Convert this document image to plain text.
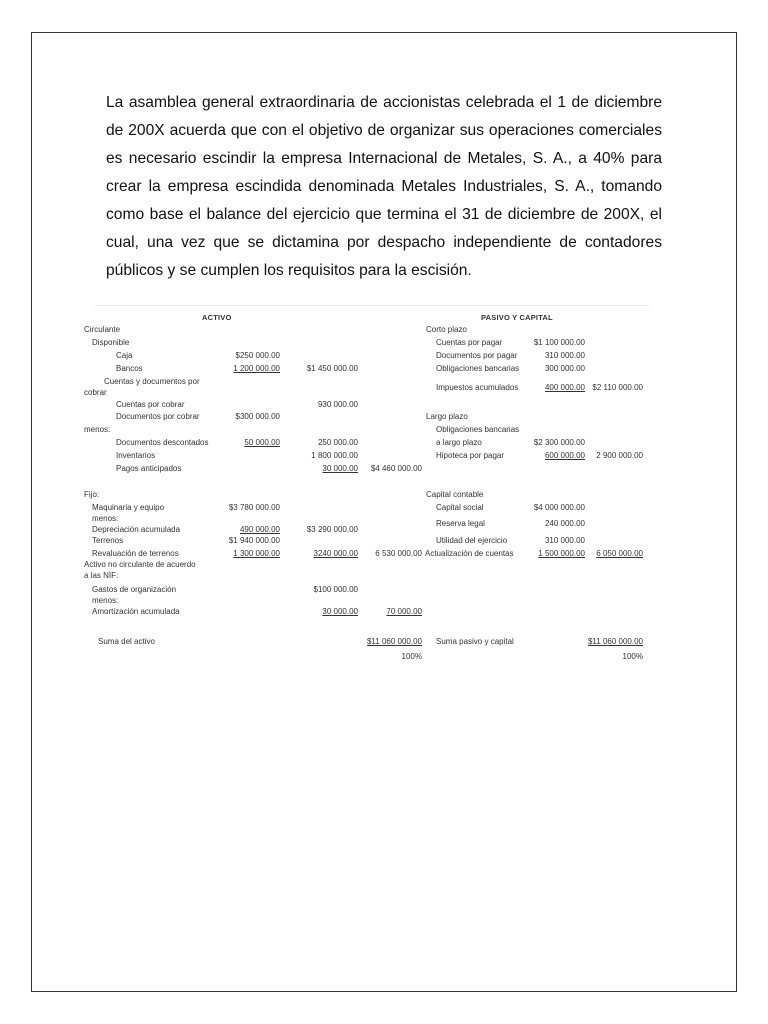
La asamblea general extraordinaria de accionistas celebrada el 1 de diciembre de 200X acuerda que con el objetivo de organizar sus operaciones comerciales es necesario escindir la empresa Internacional de Metales, S. A., a 40% para crear la empresa escindida denominada Metales Industriales, S. A., tomando como base el balance del ejercicio que termina el 31 de diciembre de 200X, el cual, una vez que se dictamina por despacho independiente de contadores públicos y se cumplen los requisitos para la escisión.

ACTIVO
Circulante
Disponible
Caja	$250 000.00
Bancos	1 200 000.00	$1 450 000.00
Cuentas y documentos por
cobrar
Cuentas por cobrar	930 000.00
Documentos por cobrar	$300 000.00
menos:
Documentos descontados	50 000.00	250 000.00
Inventarios	1 800 000.00
Pagos anticipados	30 000.00 $4 460 000.00
Fijo:
Maquinaria y equipo	$3 780 000.00
menos:
Depreciación acumulada	490 000.00	$3 290 000.00
Terrenos	$1 940 000.00
Revaluación de terrenos	1 300 000.00	3240 000.00 6 530 000.00
Activo no circulante de acuerdo
a las NIF:
Gastos de organización	$100 000.00
menos:
Amortización acumulada	30 000.00	70 000.00
Suma del activo	$11 060 000.00
100%
PASIVO Y CAPITAL
Corto plazo
Cuentas por pagar	$1 100 000.00
Documentos por pagar	310 000.00
Obligaciones bancarias	300 000.00
Impuestos acumulados	400 000.00 $2 110 000.00
Largo plazo
Obligaciones bancarias
a largo plazo	$2 300 000.00
Hipoteca por pagar	600 000.00 2 900 000.00
Capital contable
Capital social	$4 000 000.00
Reserva legal	240 000.00
Utilidad del ejercicio	310 000.00
Actualización de cuentas	1 500 000.00 6 050 000.00
Suma pasivo y capital	$11 060 000.00
100%
